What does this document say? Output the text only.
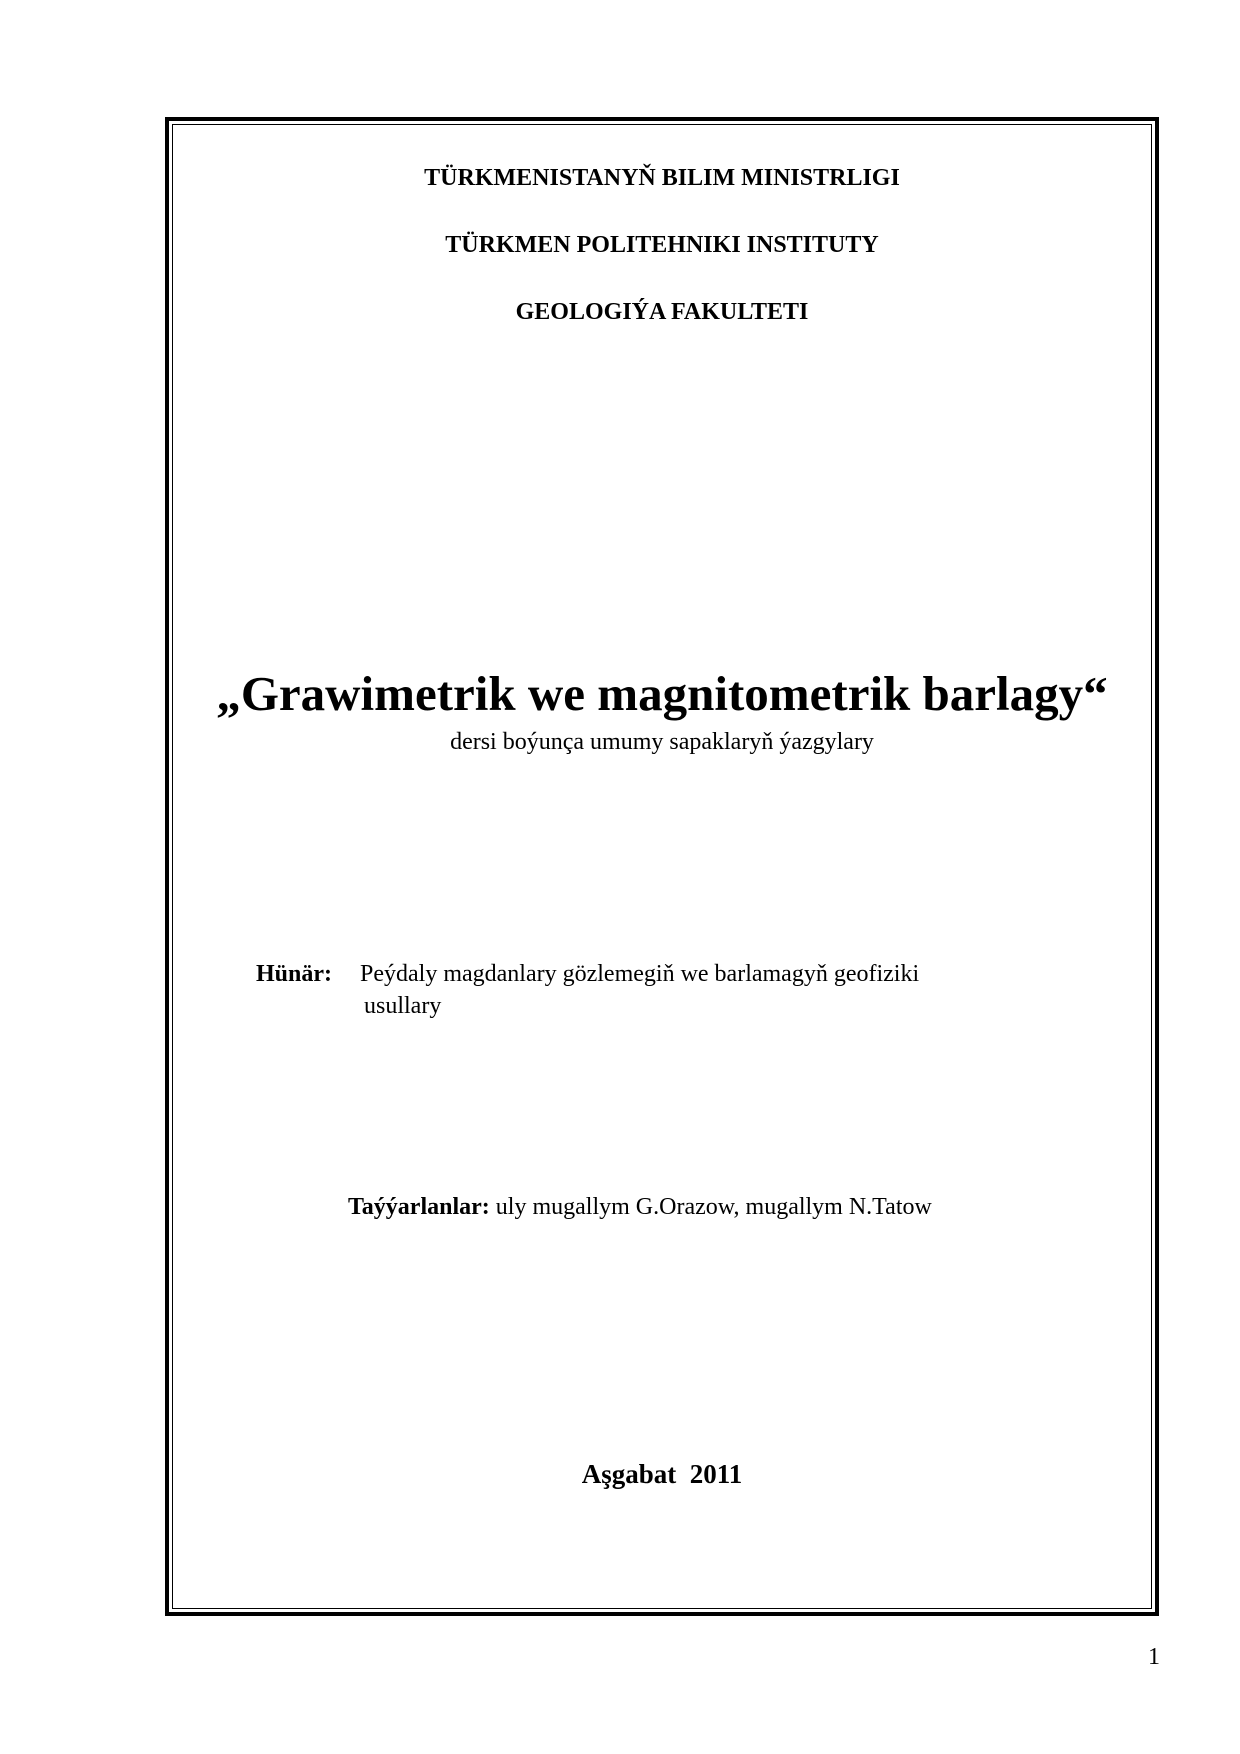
TÜRKMENISTANYŇ BILIM MINISTRLIGI
TÜRKMEN POLITEHNIKI INSTITUTY
GEOLOGIÝA FAKULTETI
„Grawimetrik we magnitometrik barlagy“
dersi boýunça umumy sapaklaryň ýazgylary
Hünär: Peýdaly magdanlary gözlemegiň we barlamagyň geofiziki
usullary
Taýýarlanlar: uly mugallym G.Orazow, mugallym N.Tatow
Aşgabat  2011
1
